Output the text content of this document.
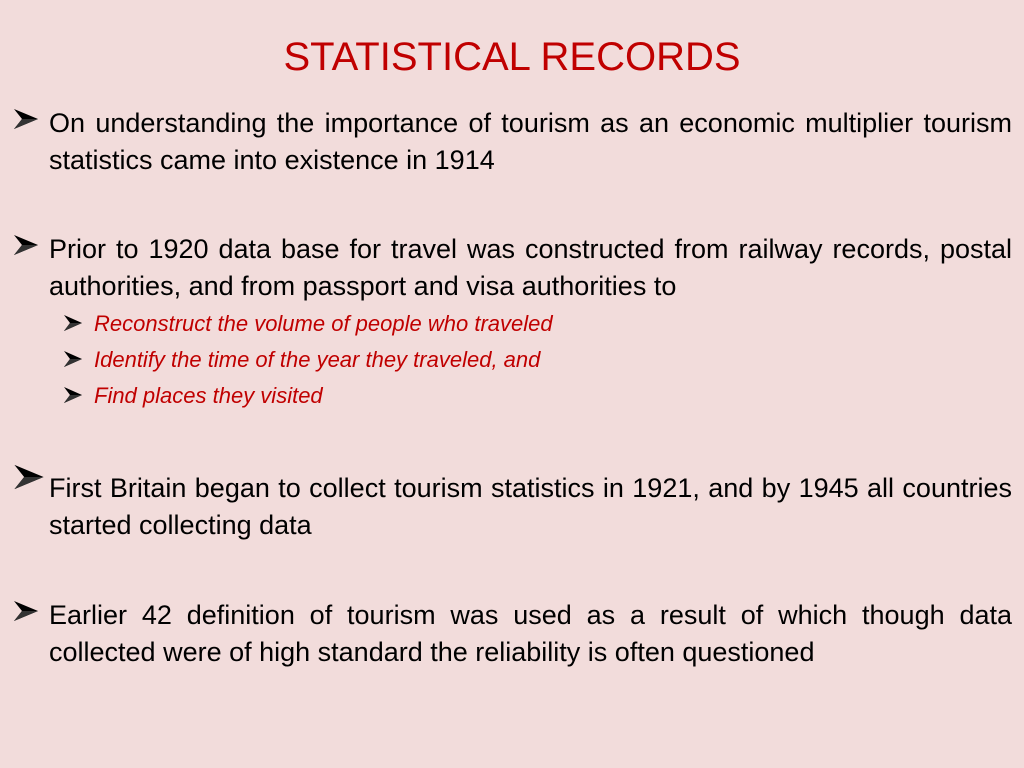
STATISTICAL RECORDS
On understanding the importance of tourism as an economic multiplier tourism statistics came into existence in 1914
Prior to 1920 data base for travel was constructed from railway records, postal authorities, and from passport and visa authorities to
Reconstruct the volume of people who traveled
Identify the time of the year they traveled, and
Find places they visited
First Britain began to collect tourism statistics in 1921, and by 1945 all countries started collecting data
Earlier 42 definition of tourism was used as a result of which though data collected were of high standard the reliability is often questioned
